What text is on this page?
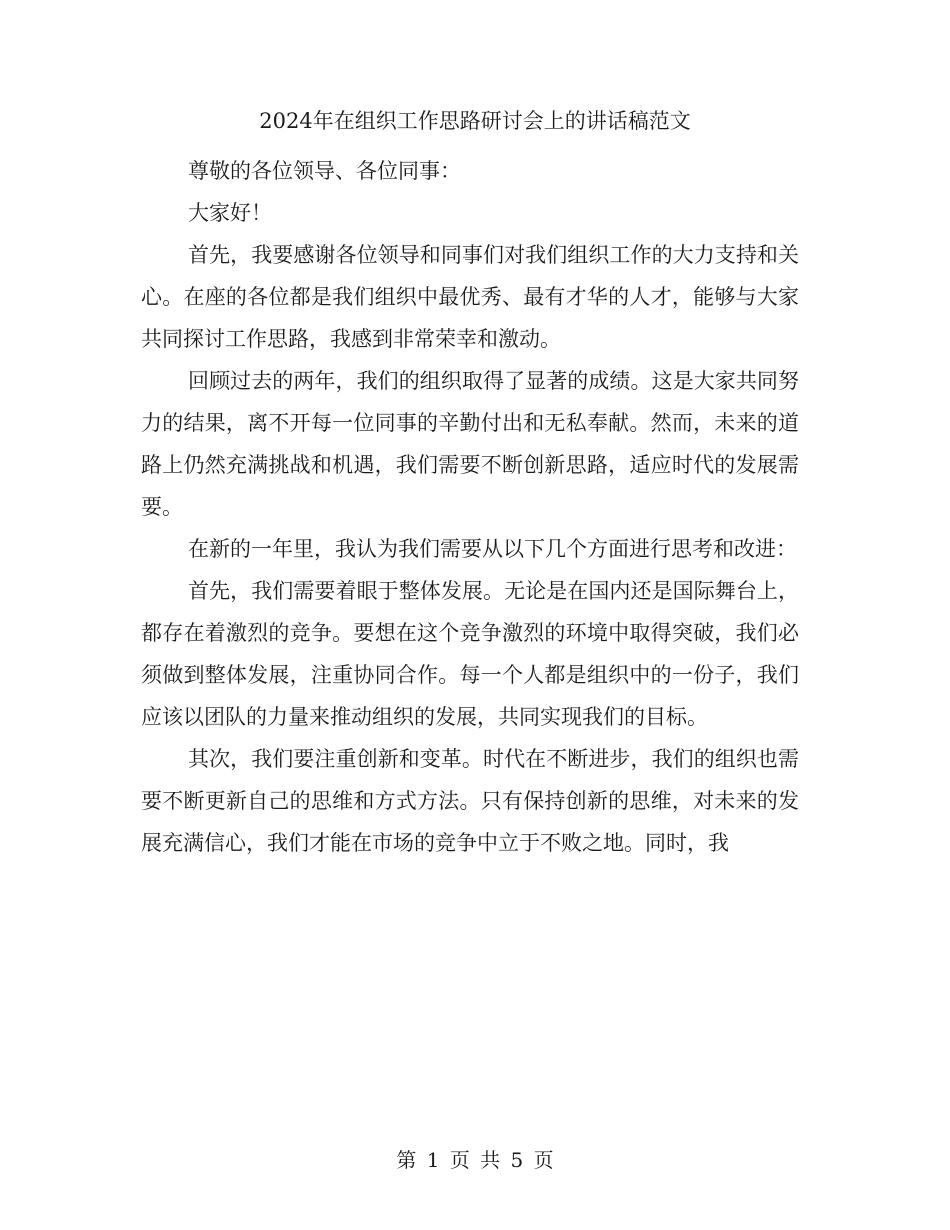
2024年在组织工作思路研讨会上的讲话稿范文

尊敬的各位领导、各位同事：

大家好！

首先，我要感谢各位领导和同事们对我们组织工作的大力支持和关心。在座的各位都是我们组织中最优秀、最有才华的人才，能够与大家共同探讨工作思路，我感到非常荣幸和激动。

回顾过去的两年，我们的组织取得了显著的成绩。这是大家共同努力的结果，离不开每一位同事的辛勤付出和无私奉献。然而，未来的道路上仍然充满挑战和机遇，我们需要不断创新思路，适应时代的发展需要。

在新的一年里，我认为我们需要从以下几个方面进行思考和改进：

首先，我们需要着眼于整体发展。无论是在国内还是国际舞台上，都存在着激烈的竞争。要想在这个竞争激烈的环境中取得突破，我们必须做到整体发展，注重协同合作。每一个人都是组织中的一份子，我们应该以团队的力量来推动组织的发展，共同实现我们的目标。

其次，我们要注重创新和变革。时代在不断进步，我们的组织也需要不断更新自己的思维和方式方法。只有保持创新的思维，对未来的发展充满信心，我们才能在市场的竞争中立于不败之地。同时，我

第 1 页 共 5 页
